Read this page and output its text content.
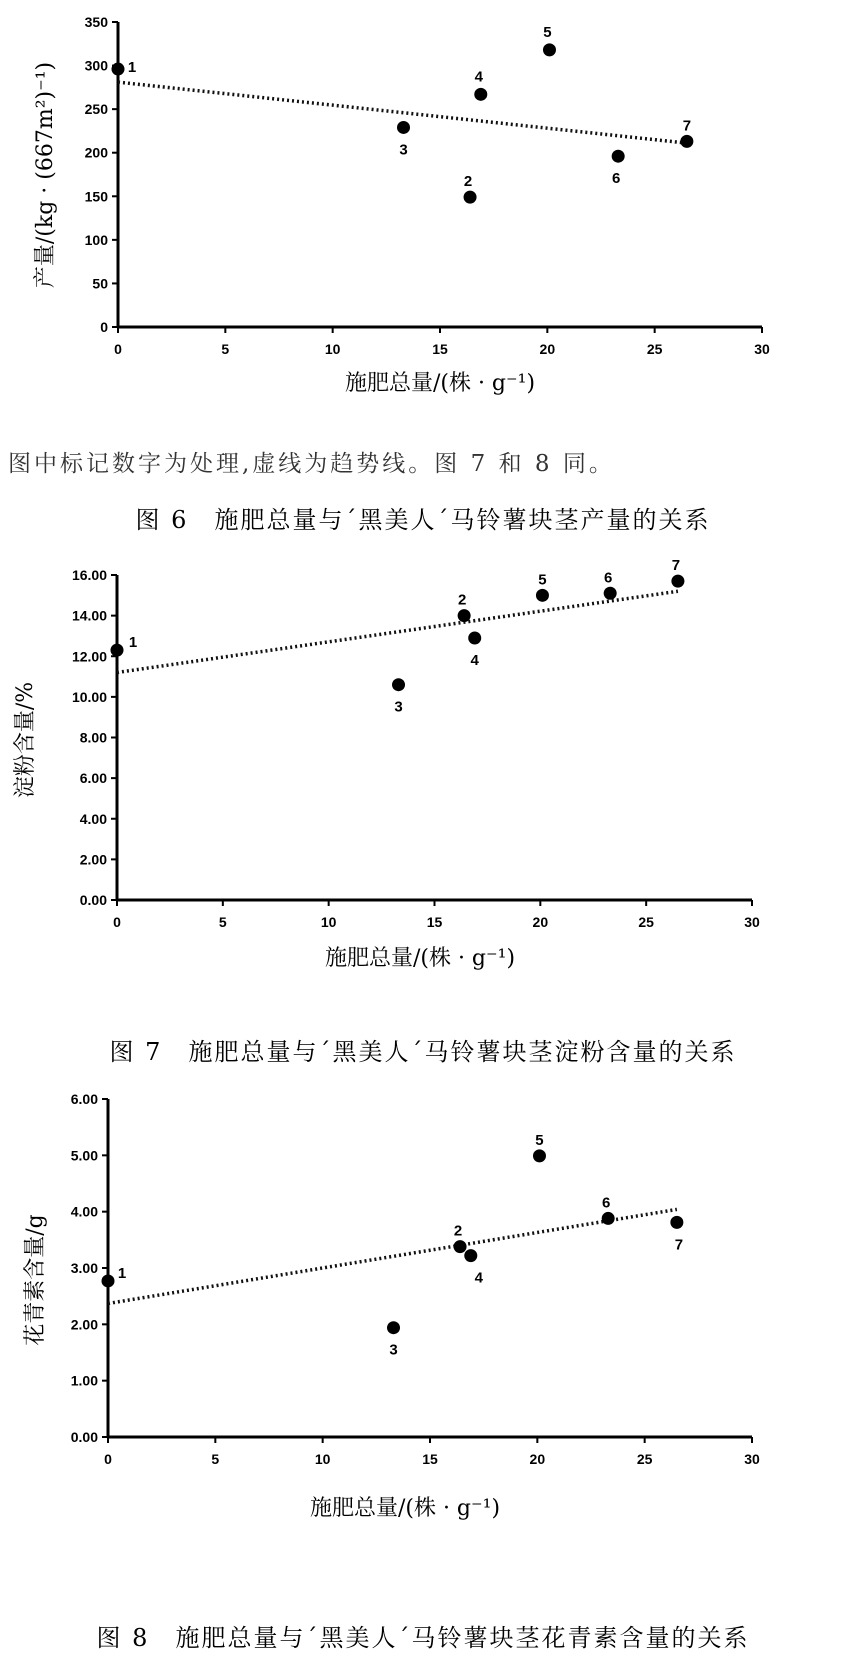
0
50
100
150
200
250
300
350
0	5	10	15	20	25	30
1
2
3
4
5
6
7
产量/(kg · (667m²)⁻¹)
施肥总量/(株 · g⁻¹)
图中标记数字为处理,虚线为趋势线。图 7 和 8 同。
图 6　施肥总量与´黑美人´马铃薯块茎产量的关系
0.00
2.00
4.00
6.00
8.00
10.00
12.00
14.00
16.00
0	5	10	15	20	25	30
1
2
3
4
5	6
7
淀粉含量/%
施肥总量/(株 · g⁻¹)
图 7　施肥总量与´黑美人´马铃薯块茎淀粉含量的关系
0.00
1.00
2.00
3.00
4.00
5.00
6.00
0	5	10	15	20	25	30
1
2
3
4
5
6
7
花青素含量/g
施肥总量/(株 · g⁻¹)
图 8　施肥总量与´黑美人´马铃薯块茎花青素含量的关系
